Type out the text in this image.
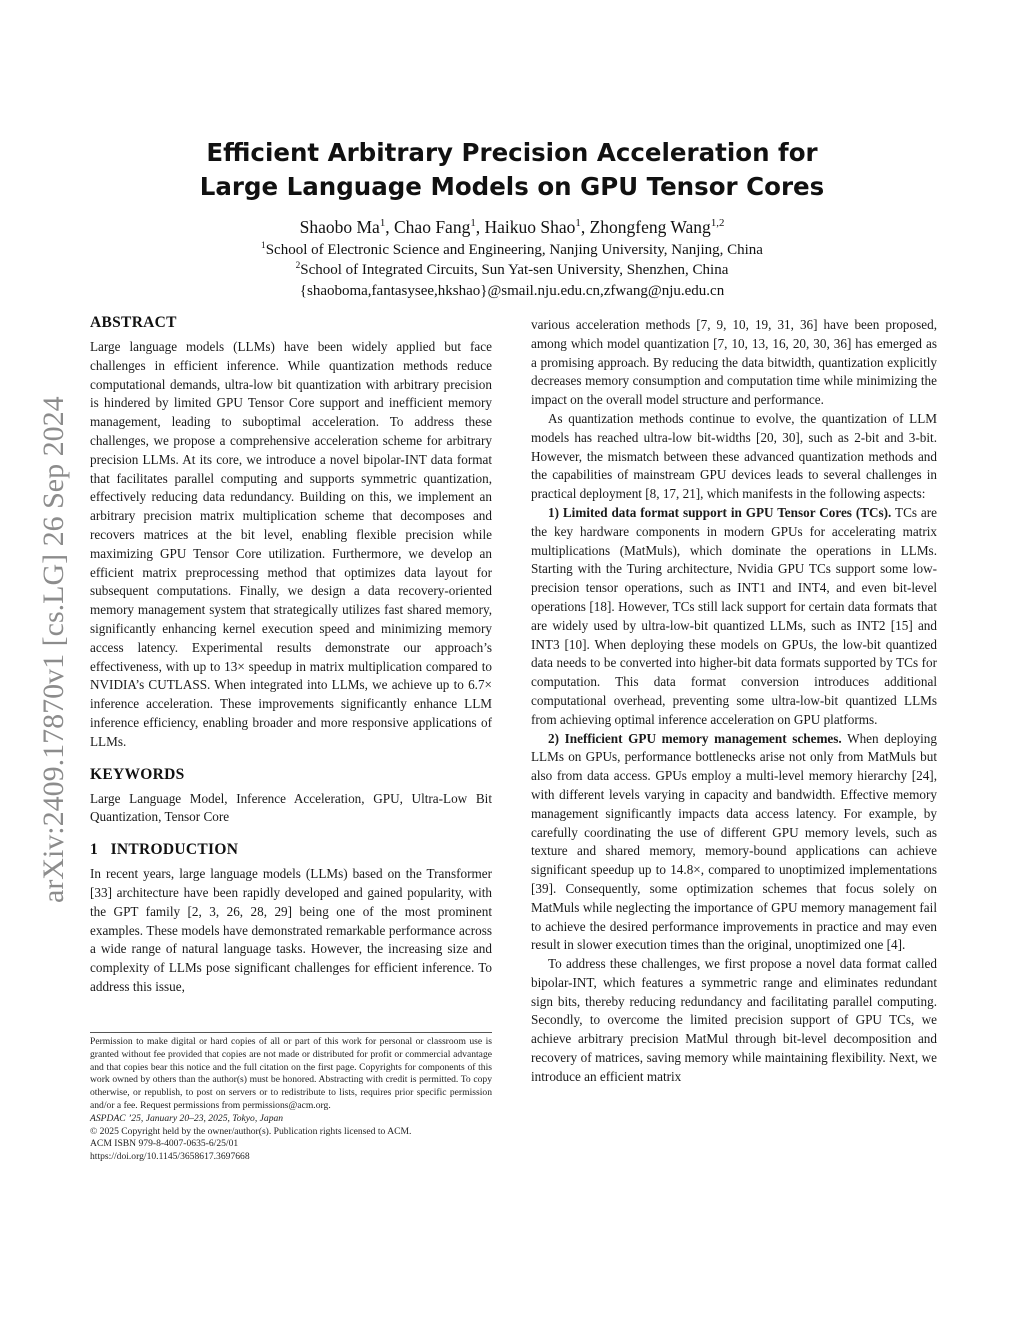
arXiv:2409.17870v1 [cs.LG] 26 Sep 2024
Efficient Arbitrary Precision Acceleration for
Large Language Models on GPU Tensor Cores
Shaobo Ma$^1$, Chao Fang$^1$, Haikuo Shao$^1$, Zhongfeng Wang$^{1,2}$
$^1$School of Electronic Science and Engineering, Nanjing University, Nanjing, China
$^2$School of Integrated Circuits, Sun Yat-sen University, Shenzhen, China
{shaoboma,fantasysee,hkshao}@smail.nju.edu.cn,zfwang@nju.edu.cn
ABSTRACT

Large language models (LLMs) have been widely applied but face challenges in efficient inference. While quantization methods reduce computational demands, ultra-low bit quantization with arbitrary precision is hindered by limited GPU Tensor Core support and inefficient memory management, leading to suboptimal acceleration. To address these challenges, we propose a comprehensive acceleration scheme for arbitrary precision LLMs. At its core, we introduce a novel bipolar-INT data format that facilitates parallel computing and supports symmetric quantization, effectively reducing data redundancy. Building on this, we implement an arbitrary precision matrix multiplication scheme that decomposes and recovers matrices at the bit level, enabling flexible precision while maximizing GPU Tensor Core utilization. Furthermore, we develop an efficient matrix preprocessing method that optimizes data layout for subsequent computations. Finally, we design a data recovery-oriented memory management system that strategically utilizes fast shared memory, significantly enhancing kernel execution speed and minimizing memory access latency. Experimental results demonstrate our approach’s effectiveness, with up to 13× speedup in matrix multiplication compared to NVIDIA’s CUTLASS. When integrated into LLMs, we achieve up to 6.7× inference acceleration. These improvements significantly enhance LLM inference efficiency, enabling broader and more responsive applications of LLMs.

KEYWORDS

Large Language Model, Inference Acceleration, GPU, Ultra-Low Bit Quantization, Tensor Core

1   INTRODUCTION

In recent years, large language models (LLMs) based on the Transformer [33] architecture have been rapidly developed and gained popularity, with the GPT family [2, 3, 26, 28, 29] being one of the most prominent examples. These models have demonstrated remarkable performance across a wide range of natural language tasks. However, the increasing size and complexity of LLMs pose significant challenges for efficient inference. To address this issue,

Permission to make digital or hard copies of all or part of this work for personal or classroom use is granted without fee provided that copies are not made or distributed for profit or commercial advantage and that copies bear this notice and the full citation on the first page. Copyrights for components of this work owned by others than the author(s) must be honored. Abstracting with credit is permitted. To copy otherwise, or republish, to post on servers or to redistribute to lists, requires prior specific permission and/or a fee. Request permissions from permissions@acm.org.

ASPDAC ’25, January 20–23, 2025, Tokyo, Japan
© 2025 Copyright held by the owner/author(s). Publication rights licensed to ACM.
ACM ISBN 979-8-4007-0635-6/25/01
https://doi.org/10.1145/3658617.3697668

various acceleration methods [7, 9, 10, 19, 31, 36] have been proposed, among which model quantization [7, 10, 13, 16, 20, 30, 36] has emerged as a promising approach. By reducing the data bitwidth, quantization explicitly decreases memory consumption and computation time while minimizing the impact on the overall model structure and performance.

As quantization methods continue to evolve, the quantization of LLM models has reached ultra-low bit-widths [20, 30], such as 2-bit and 3-bit. However, the mismatch between these advanced quantization methods and the capabilities of mainstream GPU devices leads to several challenges in practical deployment [8, 17, 21], which manifests in the following aspects:

1) Limited data format support in GPU Tensor Cores (TCs). TCs are the key hardware components in modern GPUs for accelerating matrix multiplications (MatMuls), which dominate the operations in LLMs. Starting with the Turing architecture, Nvidia GPU TCs support some low-precision tensor operations, such as INT1 and INT4, and even bit-level operations [18]. However, TCs still lack support for certain data formats that are widely used by ultra-low-bit quantized LLMs, such as INT2 [15] and INT3 [10]. When deploying these models on GPUs, the low-bit quantized data needs to be converted into higher-bit data formats supported by TCs for computation. This data format conversion introduces additional computational overhead, preventing some ultra-low-bit quantized LLMs from achieving optimal inference acceleration on GPU platforms.

2) Inefficient GPU memory management schemes. When deploying LLMs on GPUs, performance bottlenecks arise not only from MatMuls but also from data access. GPUs employ a multi-level memory hierarchy [24], with different levels varying in capacity and bandwidth. Effective memory management significantly impacts data access latency. For example, by carefully coordinating the use of different GPU memory levels, such as texture and shared memory, memory-bound applications can achieve significant speedup up to 14.8×, compared to unoptimized implementations [39]. Consequently, some optimization schemes that focus solely on MatMuls while neglecting the importance of GPU memory management fail to achieve the desired performance improvements in practice and may even result in slower execution times than the original, unoptimized one [4].

To address these challenges, we first propose a novel data format called bipolar-INT, which features a symmetric range and eliminates redundant sign bits, thereby reducing redundancy and facilitating parallel computing. Secondly, to overcome the limited precision support of GPU TCs, we achieve arbitrary precision MatMul through bit-level decomposition and recovery of matrices, saving memory while maintaining flexibility. Next, we introduce an efficient matrix
